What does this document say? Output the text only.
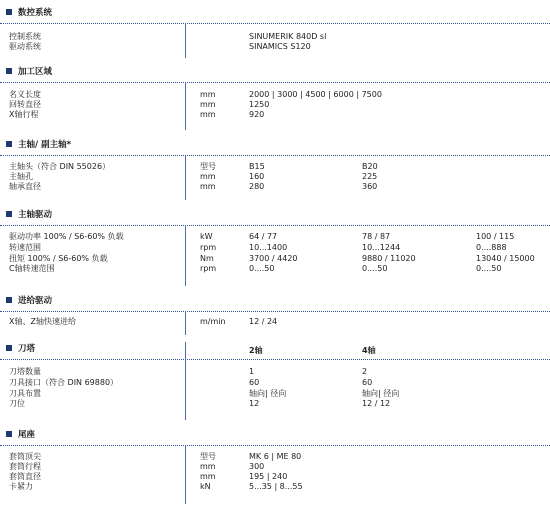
数控系统
控制系统	SINUMERIK 840D sl
驱动系统	SINAMICS S120
加工区域
名义长度	mm	2000 | 3000 | 4500 | 6000 | 7500
回转直径	mm	1250
X轴行程	mm	920
主轴/ 副主轴*
主轴头（符合 DIN 55026）	型号	B15	B20
主轴孔	mm	160	225
轴承直径	mm	280	360
主轴驱动
驱动功率 100% / S6-60% 负载	kW	64 / 77	78 / 87	100 / 115
转速范围	rpm	10...1400	10...1244	0....888
扭矩 100% / S6-60% 负载	Nm	3700 / 4420	9880 / 11020	13040 / 15000
C轴转速范围	rpm	0....50	0....50	0....50
进给驱动
X轴、Z轴快速进给	m/min	12 / 24
刀塔	2轴	4轴
刀塔数量	1	2
刀具接口（符合 DIN 69880）	60	60
刀具布置	轴向| 径向	轴向| 径向
刀位	12	12 / 12
尾座
套筒顶尖	型号	MK 6 | ME 80
套筒行程	mm	300
套筒直径	mm	195 | 240
卡紧力	kN	5...35 | 8...55
